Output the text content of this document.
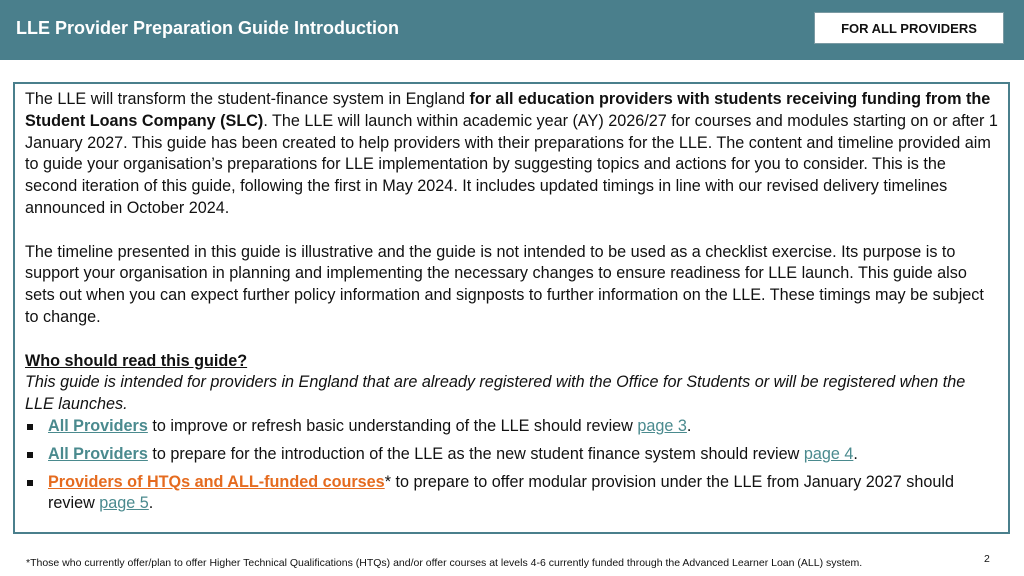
LLE Provider Preparation Guide Introduction	FOR ALL PROVIDERS

The LLE will transform the student-finance system in England for all education providers with students receiving funding from the Student Loans Company (SLC). The LLE will launch within academic year (AY) 2026/27 for courses and modules starting on or after 1 January 2027. This guide has been created to help providers with their preparations for the LLE. The content and timeline provided aim to guide your organisation’s preparations for LLE implementation by suggesting topics and actions for you to consider. This is the second iteration of this guide, following the first in May 2024. It includes updated timings in line with our revised delivery timelines announced in October 2024.

The timeline presented in this guide is illustrative and the guide is not intended to be used as a checklist exercise. Its purpose is to support your organisation in planning and implementing the necessary changes to ensure readiness for LLE launch. This guide also sets out when you can expect further policy information and signposts to further information on the LLE. These timings may be subject to change.

Who should read this guide?

This guide is intended for providers in England that are already registered with the Office for Students or will be registered when the LLE launches.

All Providers to improve or refresh basic understanding of the LLE should review page 3.
All Providers to prepare for the introduction of the LLE as the new student finance system should review page 4.
Providers of HTQs and ALL-funded courses* to prepare to offer modular provision under the LLE from January 2027 should review page 5.
*Those who currently offer/plan to offer Higher Technical Qualifications (HTQs) and/or offer courses at levels 4-6 currently funded through the Advanced Learner Loan (ALL) system.	2
